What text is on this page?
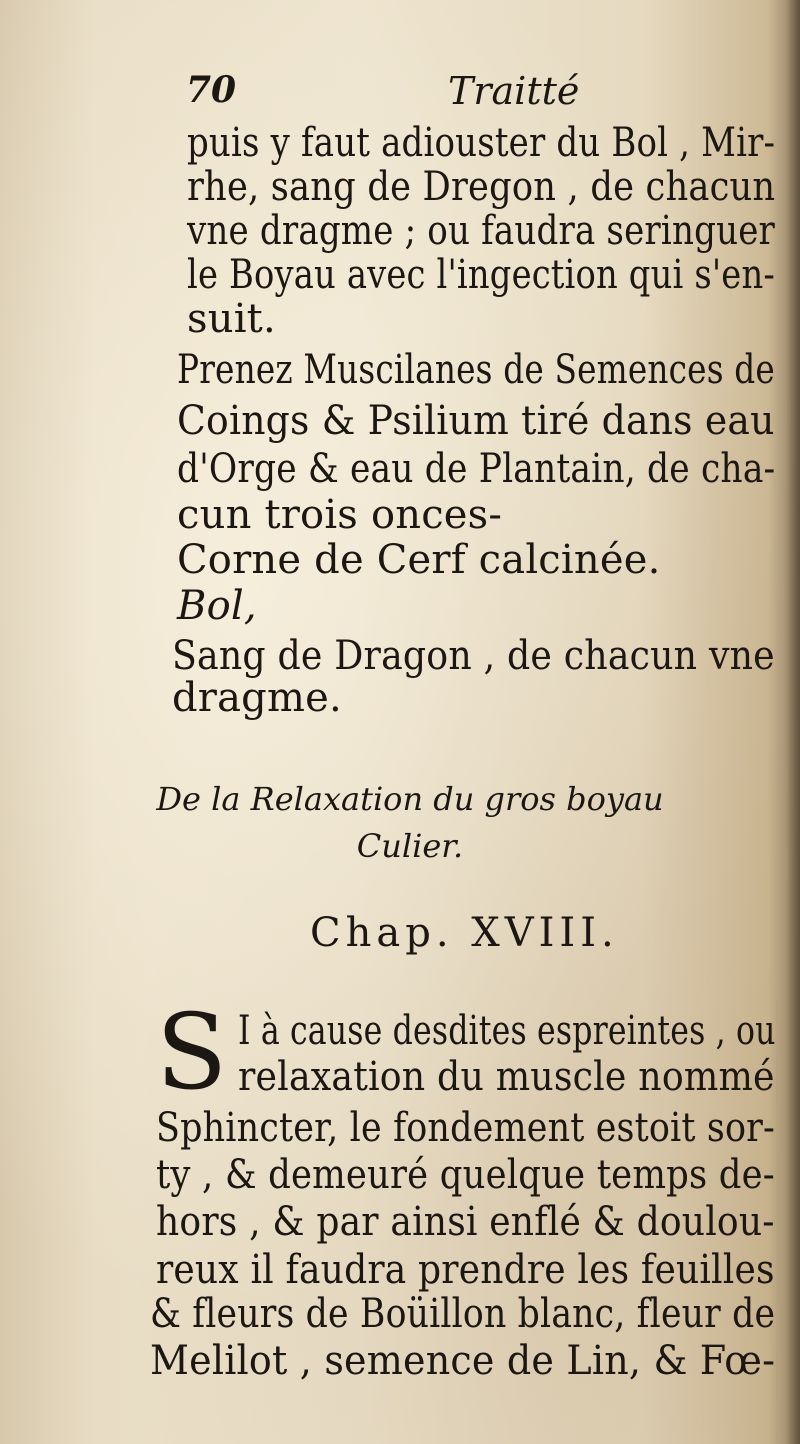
70	Traitté
puis y faut adiouster du Bol , Mir-
rhe, sang de Dregon , de chacun
vne dragme ; ou faudra seringuer
le Boyau avec l'ingection qui s'en-
suit.
Prenez Muscilanes de Semences de
Coings & Psilium tiré dans eau
d'Orge & eau de Plantain, de cha-
cun trois onces-
Corne de Cerf calcinée.
Bol,
Sang de Dragon , de chacun vne
dragme.
De la Relaxation du gros boyau
Culier.
Chap. XVIII.
S I à cause desdites espreintes , ou
relaxation du muscle nommé
Sphincter, le fondement estoit sor-
ty , & demeuré quelque temps de-
hors , & par ainsi enflé & doulou-
reux il faudra prendre les feuilles
& fleurs de Boüillon blanc, fleur de
Melilot , semence de Lin, & Fœ-
